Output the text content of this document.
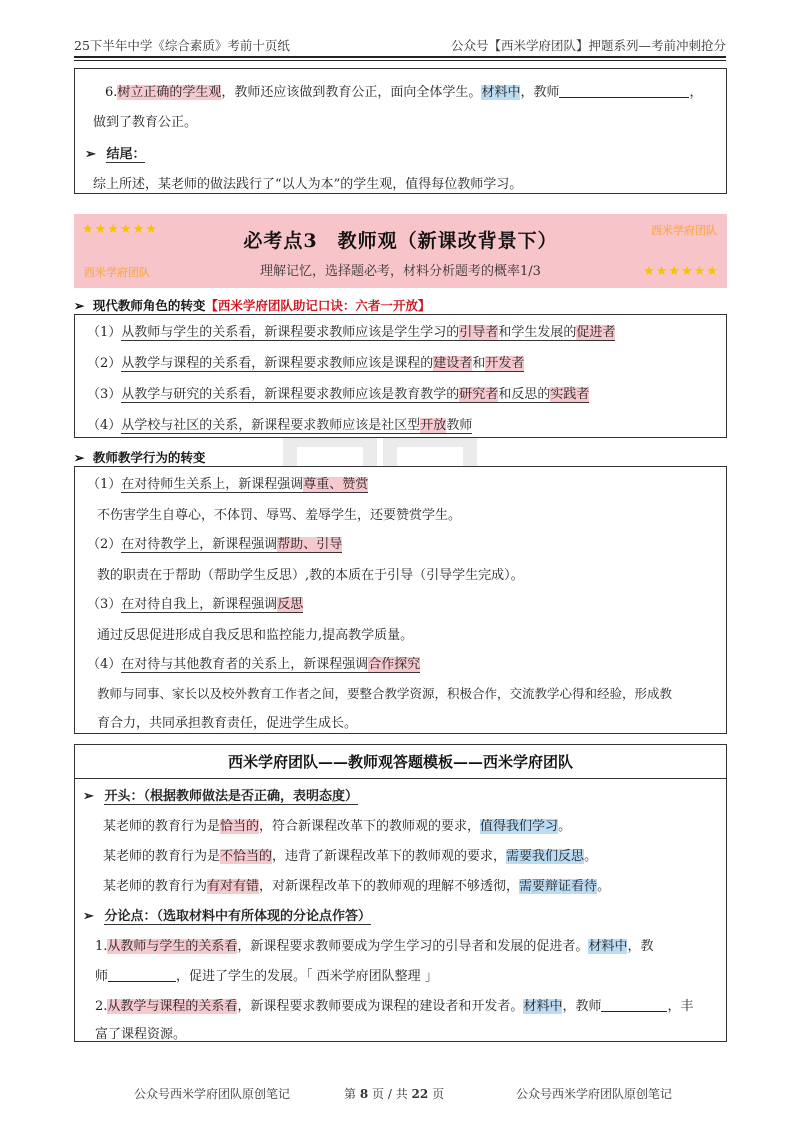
25下半年中学《综合素质》考前十页纸	公众号【西米学府团队】押题系列—考前冲刺抢分
6.树立正确的学生观，教师还应该做到教育公正，面向全体学生。材料中，教师	，
做到了教育公正。
➢ 结尾：
综上所述，某老师的做法践行了“以人为本”的学生观，值得每位教师学习。
★★★★★★	西米学府团队
必考点3　教师观（新课改背景下）
西米学府团队	理解记忆，选择题必考，材料分析题考的概率1/3	★★★★★★
➢ 现代教师角色的转变【西米学府团队助记口诀：六者一开放】
（1）从教师与学生的关系看，新课程要求教师应该是学生学习的引导者和学生发展的促进者
（2）从教学与课程的关系看，新课程要求教师应该是课程的建设者和开发者
（3）从教学与研究的关系看，新课程要求教师应该是教育教学的研究者和反思的实践者
（4）从学校与社区的关系，新课程要求教师应该是社区型开放教师
➢ 教师教学行为的转变
（1）在对待师生关系上，新课程强调尊重、赞赏
不伤害学生自尊心，不体罚、辱骂、羞辱学生，还要赞赏学生。
（2）在对待教学上，新课程强调帮助、引导
教的职责在于帮助（帮助学生反思）,教的本质在于引导（引导学生完成）。
（3）在对待自我上，新课程强调反思
通过反思促进形成自我反思和监控能力,提高教学质量。
（4）在对待与其他教育者的关系上，新课程强调合作探究
教师与同事、家长以及校外教育工作者之间，要整合教学资源，积极合作，交流教学心得和经验，形成教
育合力，共同承担教育责任，促进学生成长。
西米学府团队——教师观答题模板——西米学府团队
➢ 开头：（根据教师做法是否正确，表明态度）
某老师的教育行为是恰当的，符合新课程改革下的教师观的要求，值得我们学习。
某老师的教育行为是不恰当的，违背了新课程改革下的教师观的要求，需要我们反思。
某老师的教育行为有对有错，对新课程改革下的教师观的理解不够透彻，需要辩证看待。
➢ 分论点：（选取材料中有所体现的分论点作答）
1.从教师与学生的关系看，新课程要求教师要成为学生学习的引导者和发展的促进者。材料中，教
师	，促进了学生的发展。「 西米学府团队整理 」
2.从教学与课程的关系看，新课程要求教师要成为课程的建设者和开发者。材料中，教师	，丰
富了课程资源。
公众号西米学府团队原创笔记	第 8 页 / 共 22 页	公众号西米学府团队原创笔记
